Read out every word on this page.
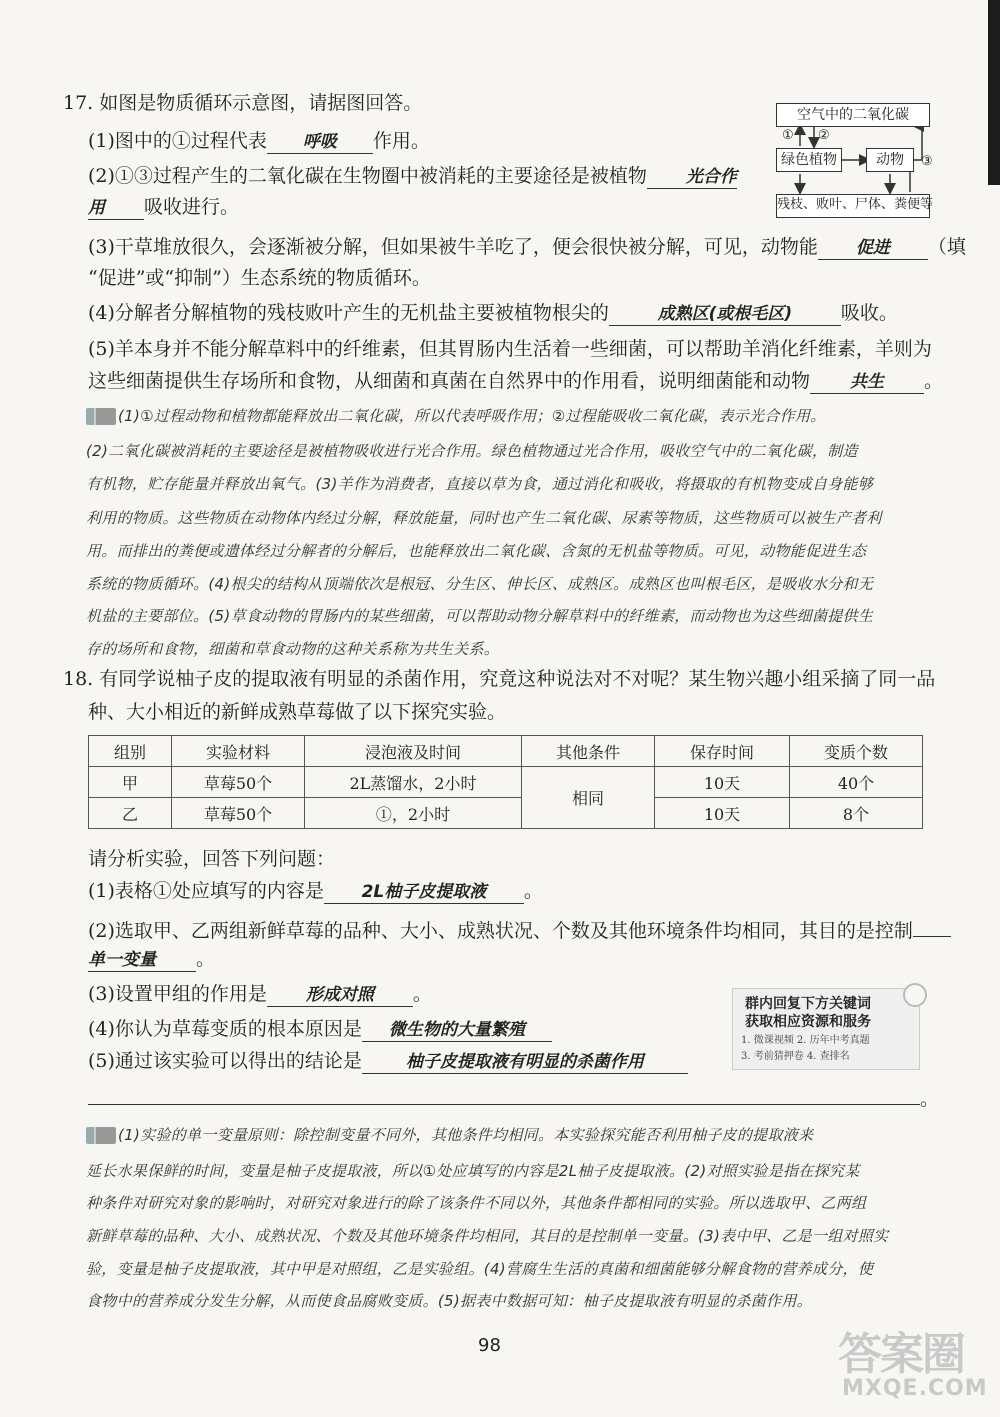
17. 如图是物质循环示意图，请据图回答。
(1)图中的①过程代表 呼吸 作用。
(2)①③过程产生的二氧化碳在生物圈中被消耗的主要途径是被植物 光合作
用 吸收进行。
(3)干草堆放很久，会逐渐被分解，但如果被牛羊吃了，便会很快被分解，可见，动物能 促进 （填
“促进”或“抑制”）生态系统的物质循环。
(4)分解者分解植物的残枝败叶产生的无机盐主要被植物根尖的	成熟区(或根毛区)	吸收。
(5)羊本身并不能分解草料中的纤维素，但其胃肠内生活着一些细菌，可以帮助羊消化纤维素，羊则为
这些细菌提供生存场所和食物，从细菌和真菌在自然界中的作用看，说明细菌能和动物 共生 。
空气中的二氧化碳
绿色植物	动物
残枝、败叶、尸体、粪便等
① ②
③
(1)①过程动物和植物都能释放出二氧化碳，所以代表呼吸作用；②过程能吸收二氧化碳，表示光合作用。
(2)二氧化碳被消耗的主要途径是被植物吸收进行光合作用。绿色植物通过光合作用，吸收空气中的二氧化碳，制造
有机物，贮存能量并释放出氧气。(3)羊作为消费者，直接以草为食，通过消化和吸收，将摄取的有机物变成自身能够
利用的物质。这些物质在动物体内经过分解，释放能量，同时也产生二氧化碳、尿素等物质，这些物质可以被生产者利
用。而排出的粪便或遗体经过分解者的分解后，也能释放出二氧化碳、含氮的无机盐等物质。可见，动物能促进生态
系统的物质循环。(4)根尖的结构从顶端依次是根冠、分生区、伸长区、成熟区。成熟区也叫根毛区，是吸收水分和无
机盐的主要部位。(5)草食动物的胃肠内的某些细菌，可以帮助动物分解草料中的纤维素，而动物也为这些细菌提供生
存的场所和食物，细菌和草食动物的这种关系称为共生关系。
18. 有同学说柚子皮的提取液有明显的杀菌作用，究竟这种说法对不对呢？某生物兴趣小组采摘了同一品
种、大小相近的新鲜成熟草莓做了以下探究实验。
组别	实验材料	浸泡液及时间	其他条件	保存时间	变质个数
甲	草莓50个	2L蒸馏水，2小时	相同	10天	40个
乙	草莓50个	①，2小时		10天	8个
请分析实验，回答下列问题：
(1)表格①处应填写的内容是 2L柚子皮提取液 。
(2)选取甲、乙两组新鲜草莓的品种、大小、成熟状况、个数及其他环境条件均相同，其目的是控制
单一变量 。
(3)设置甲组的作用是 形成对照 。
(4)你认为草莓变质的根本原因是 微生物的大量繁殖
(5)通过该实验可以得出的结论是	柚子皮提取液有明显的杀菌作用
。
群内回复下方关键词
获取相应资源和服务
1. 微课视频 2. 历年中考真题
3. 考前猜押卷 4. 查排名
(1)实验的单一变量原则：除控制变量不同外，其他条件均相同。本实验探究能否利用柚子皮的提取液来
延长水果保鲜的时间，变量是柚子皮提取液，所以①处应填写的内容是2L柚子皮提取液。(2)对照实验是指在探究某
种条件对研究对象的影响时，对研究对象进行的除了该条件不同以外，其他条件都相同的实验。所以选取甲、乙两组
新鲜草莓的品种、大小、成熟状况、个数及其他环境条件均相同，其目的是控制单一变量。(3)表中甲、乙是一组对照实
验，变量是柚子皮提取液，其中甲是对照组，乙是实验组。(4)营腐生生活的真菌和细菌能够分解食物的营养成分，使
食物中的营养成分发生分解，从而使食品腐败变质。(5)据表中数据可知：柚子皮提取液有明显的杀菌作用。
98	答案圈
MXQE.COM
